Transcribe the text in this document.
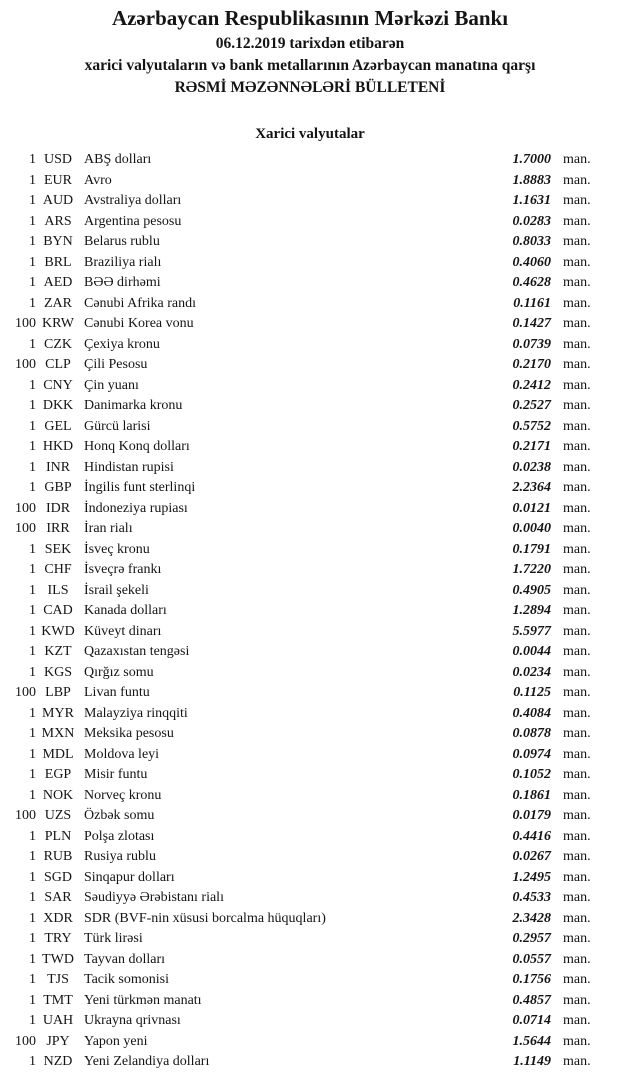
Azərbaycan Respublikasının Mərkəzi Bankı
06.12.2019 tarixdən etibarən
xarici valyutaların və bank metallarının Azərbaycan manatına qarşı
RƏSMİ MƏZƏNNƏLƏRİ BÜLLETENİ
Xarici valyutalar
1 USD ABŞ dolları	1.7000 man.
1 EUR Avro	1.8883 man.
1 AUD Avstraliya dolları	1.1631 man.
1 ARS Argentina pesosu	0.0283 man.
1 BYN Belarus rublu	0.8033 man.
1 BRL Braziliya rialı	0.4060 man.
1 AED BƏƏ dirhəmi	0.4628 man.
1 ZAR Cənubi Afrika randı	0.1161 man.
100 KRW Cənubi Korea vonu	0.1427 man.
1 CZK Çexiya kronu	0.0739 man.
100 CLP Çili Pesosu	0.2170 man.
1 CNY Çin yuanı	0.2412 man.
1 DKK Danimarka kronu	0.2527 man.
1 GEL Gürcü larisi	0.5752 man.
1 HKD Honq Konq dolları	0.2171 man.
1 INR Hindistan rupisi	0.0238 man.
1 GBP İngilis funt sterlinqi	2.2364 man.
100 IDR İndoneziya rupiası	0.0121 man.
100 IRR	İran rialı	0.0040 man.
1 SEK İsveç kronu	0.1791 man.
1 CHF İsveçrə frankı	1.7220 man.
1 ILS	İsrail şekeli	0.4905 man.
1 CAD Kanada dolları	1.2894 man.
1 KWD Küveyt dinarı	5.5977 man.
1 KZT Qazaxıstan tengəsi	0.0044 man.
1 KGS Qırğız somu	0.0234 man.
100 LBP Livan funtu	0.1125 man.
1 MYR Malayziya rinqqiti	0.4084 man.
1 MXN Meksika pesosu	0.0878 man.
1 MDL Moldova leyi	0.0974 man.
1 EGP Misir funtu	0.1052 man.
1 NOK Norveç kronu	0.1861 man.
100 UZS Özbək somu	0.0179 man.
1 PLN Polşa zlotası	0.4416 man.
1 RUB Rusiya rublu	0.0267 man.
1 SGD Sinqapur dolları	1.2495 man.
1 SAR Səudiyyə Ərəbistanı rialı	0.4533 man.
1 XDR SDR (BVF-nin xüsusi borcalma hüquqları)	2.3428 man.
1 TRY Türk lirəsi	0.2957 man.
1 TWD Tayvan dolları	0.0557 man.
1 TJS	Tacik somonisi	0.1756 man.
1 TMT Yeni türkmən manatı	0.4857 man.
1 UAH Ukrayna qrivnası	0.0714 man.
100 JPY	Yapon yeni	1.5644 man.
1 NZD Yeni Zelandiya dolları	1.1149 man.
